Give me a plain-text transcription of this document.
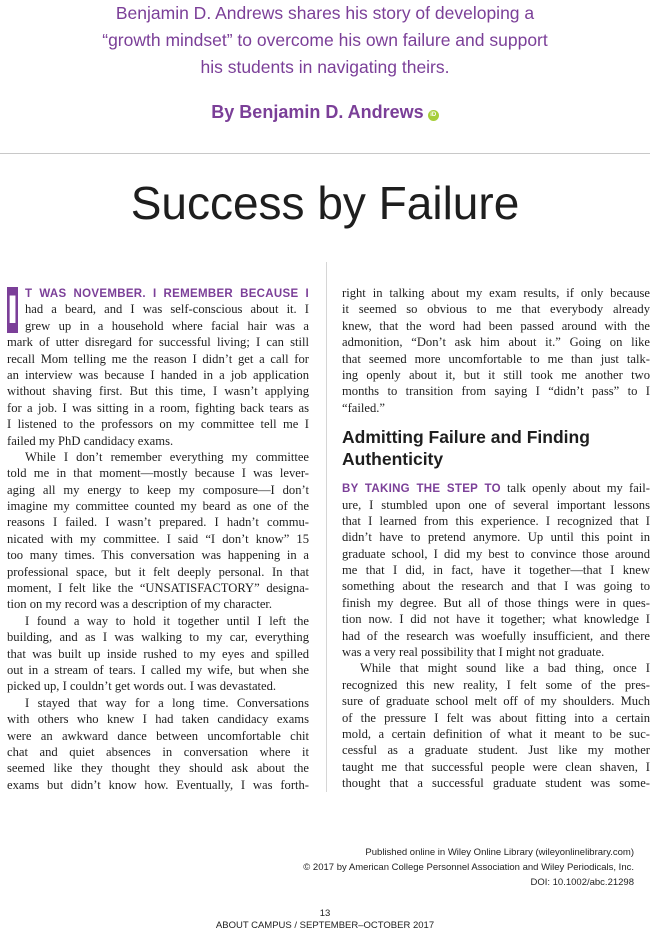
Benjamin D. Andrews shares his story of developing a
“growth mindset” to overcome his own failure and support
his students in navigating theirs.
By Benjamin D. Andrews iD
Success by Failure
I T WAS NOVEMBER. I REMEMBER BECAUSE I
had a beard, and I was self-conscious about it. I
grew up in a household where facial hair was a
mark of utter disregard for successful living; I can still
recall Mom telling me the reason I didn’t get a call for
an interview was because I handed in a job application
without shaving first. But this time, I wasn’t applying
for a job. I was sitting in a room, fighting back tears as
I listened to the professors on my committee tell me I
failed my PhD candidacy exams.
While I don’t remember everything my committee
told me in that moment—mostly because I was lever-
aging all my energy to keep my composure—I don’t
imagine my committee counted my beard as one of the
reasons I failed. I wasn’t prepared. I hadn’t commu-
nicated with my committee. I said “I don’t know” 15
too many times. This conversation was happening in a
professional space, but it felt deeply personal. In that
moment, I felt like the “UNSATISFACTORY” designa-
tion on my record was a description of my character.
I found a way to hold it together until I left the
building, and as I was walking to my car, everything
that was built up inside rushed to my eyes and spilled
out in a stream of tears. I called my wife, but when she
picked up, I couldn’t get words out. I was devastated.
I stayed that way for a long time. Conversations
with others who knew I had taken candidacy exams
were an awkward dance between uncomfortable chit
chat and quiet absences in conversation where it
seemed like they thought they should ask about the
exams but didn’t know how. Eventually, I was forth-
right in talking about my exam results, if only because
it seemed so obvious to me that everybody already
knew, that the word had been passed around with the
admonition, “Don’t ask him about it.” Going on like
that seemed more uncomfortable to me than just talk-
ing openly about it, but it still took me another two
months to transition from saying I “didn’t pass” to I
“failed.”
Admitting Failure and Finding
Authenticity
BY TAKING THE STEP TO talk openly about my fail-
ure, I stumbled upon one of several important lessons
that I learned from this experience. I recognized that I
didn’t have to pretend anymore. Up until this point in
graduate school, I did my best to convince those around
me that I did, in fact, have it together—that I knew
something about the research and that I was going to
finish my degree. But all of those things were in ques-
tion now. I did not have it together; what knowledge I
had of the research was woefully insufficient, and there
was a very real possibility that I might not graduate.
While that might sound like a bad thing, once I
recognized this new reality, I felt some of the pres-
sure of graduate school melt off of my shoulders. Much
of the pressure I felt was about fitting into a certain
mold, a certain definition of what it meant to be suc-
cessful as a graduate student. Just like my mother
taught me that successful people were clean shaven, I
thought that a successful graduate student was some-
Published online in Wiley Online Library (wileyonlinelibrary.com)
© 2017 by American College Personnel Association and Wiley Periodicals, Inc.
DOI: 10.1002/abc.21298
13
ABOUT CAMPUS / SEPTEMBER–OCTOBER 2017
